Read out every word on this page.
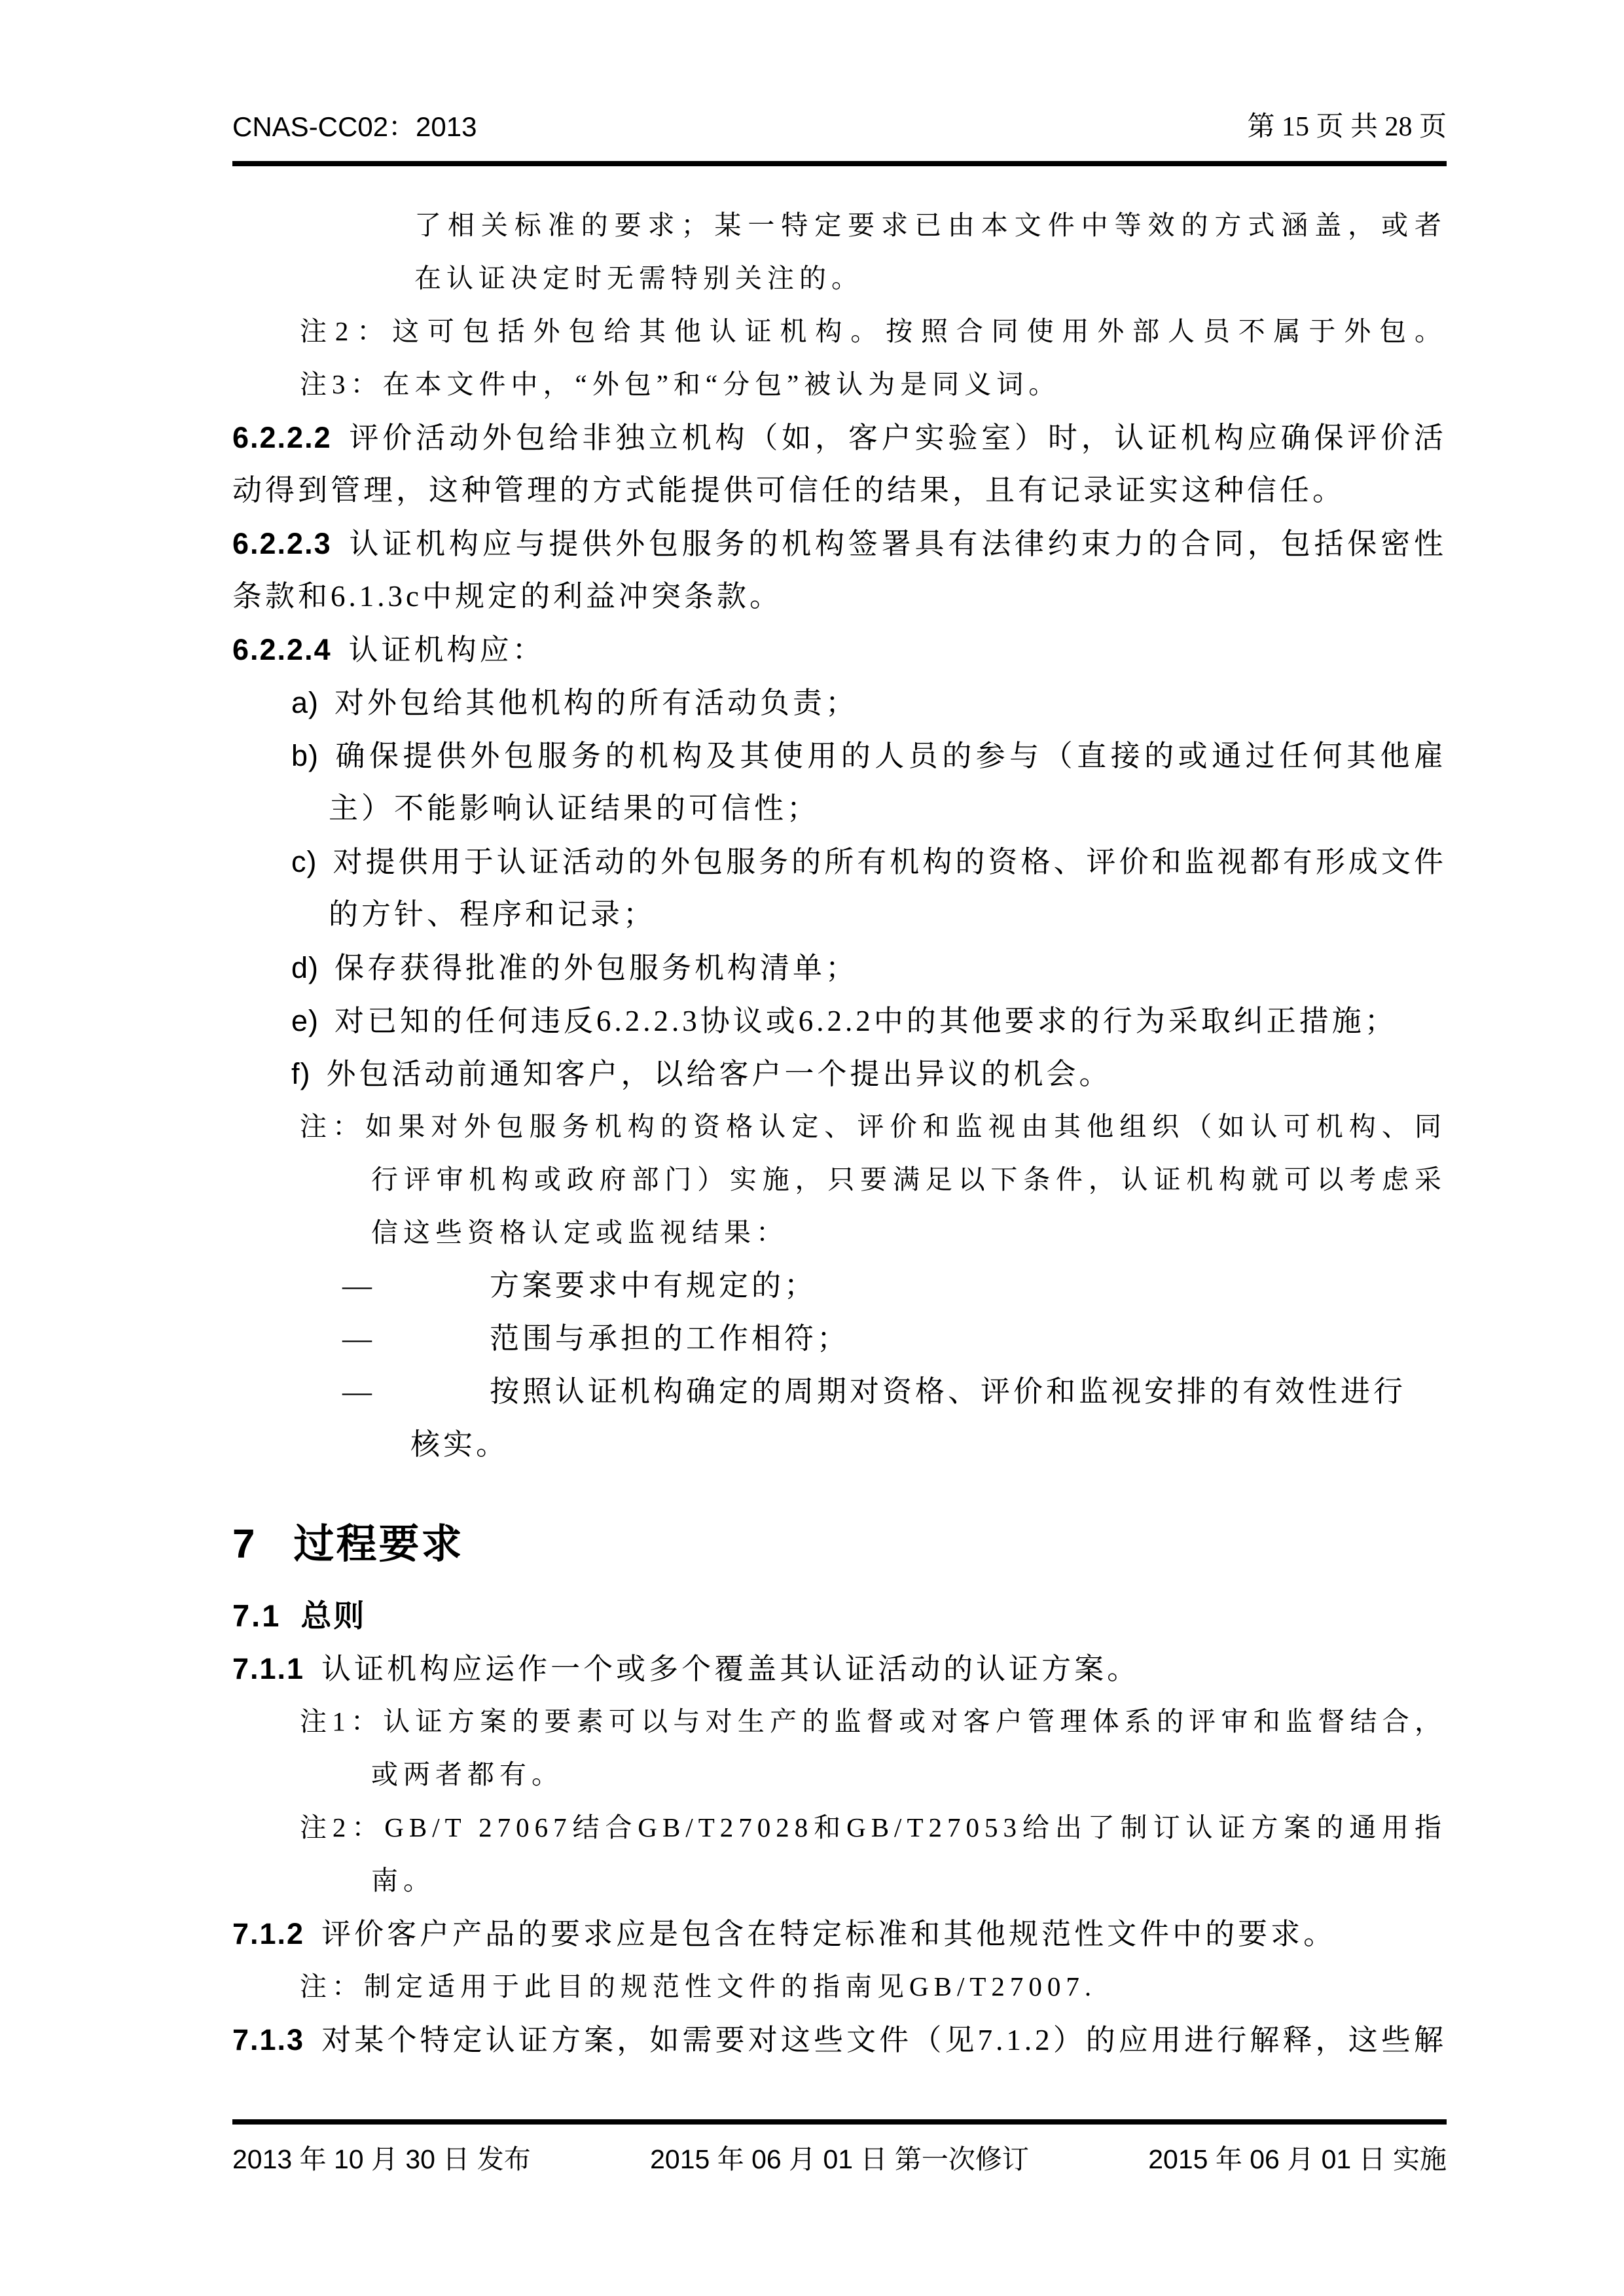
CNAS-CC02：2013	第 15 页 共 28 页
了相关标准的要求；某一特定要求已由本文件中等效的方式涵盖，或者
在认证决定时无需特别关注的。
注2：这可包括外包给其他认证机构。按照合同使用外部人员不属于外包。
注3：在本文件中，“外包”和“分包”被认为是同义词。
6.2.2.2 评价活动外包给非独立机构（如，客户实验室）时，认证机构应确保评价活
动得到管理，这种管理的方式能提供可信任的结果，且有记录证实这种信任。
6.2.2.3 认证机构应与提供外包服务的机构签署具有法律约束力的合同，包括保密性
条款和6.1.3c中规定的利益冲突条款。
6.2.2.4 认证机构应：
a) 对外包给其他机构的所有活动负责；
b) 确保提供外包服务的机构及其使用的人员的参与（直接的或通过任何其他雇
主）不能影响认证结果的可信性；
c) 对提供用于认证活动的外包服务的所有机构的资格、评价和监视都有形成文件
的方针、程序和记录；
d) 保存获得批准的外包服务机构清单；
e) 对已知的任何违反6.2.2.3协议或6.2.2中的其他要求的行为采取纠正措施；
f) 外包活动前通知客户，以给客户一个提出异议的机会。
注：如果对外包服务机构的资格认定、评价和监视由其他组织（如认可机构、同
行评审机构或政府部门）实施，只要满足以下条件，认证机构就可以考虑采
信这些资格认定或监视结果：
—	方案要求中有规定的；
—	范围与承担的工作相符；
—	按照认证机构确定的周期对资格、评价和监视安排的有效性进行
核实。
7 过程要求
7.1 总则
7.1.1 认证机构应运作一个或多个覆盖其认证活动的认证方案。
注1：认证方案的要素可以与对生产的监督或对客户管理体系的评审和监督结合，
或两者都有。
注2：GB/T 27067结合GB/T27028和GB/T27053给出了制订认证方案的通用指
南。
7.1.2 评价客户产品的要求应是包含在特定标准和其他规范性文件中的要求。
注：制定适用于此目的规范性文件的指南见GB/T27007.
7.1.3 对某个特定认证方案，如需要对这些文件（见7.1.2）的应用进行解释，这些解
2013 年 10 月 30 日 发布	2015 年 06 月 01 日 第一次修订	2015 年 06 月 01 日 实施
